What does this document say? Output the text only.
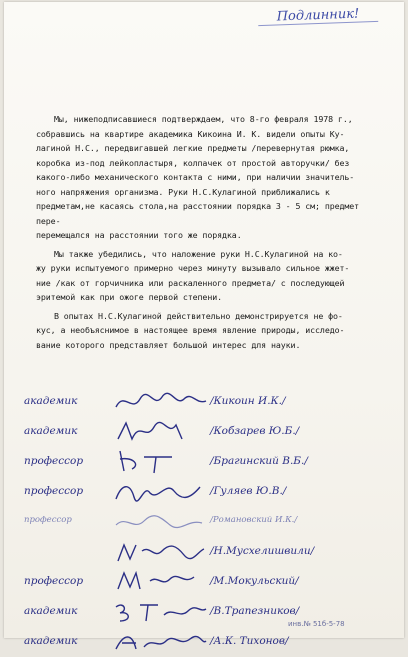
Подлинник!

Мы, нижеподписавшиеся подтверждаем, что 8-го февраля 1978 г.,
собравшись на квартире академика Кикоина И. К. видели опыты Ку-
лагиной Н.С., передвигавшей легкие предметы /перевернутая рюмка,
коробка из-под лейкопластыря, колпачек от простой авторучки/ без
какого-либо механического контакта с ними, при наличии значитель-
ного напряжения организма. Руки Н.С.Кулагиной приближались к
предметам,не касаясь стола,на расстоянии порядка 3 - 5 см; предмет пере-
перемещался на расстоянии того же порядка.

Мы также убедились, что наложение руки Н.С.Кулагиной на ко-
жу руки испытуемого примерно через минуту вызывало сильное жжет-
ние /как от горчичника или раскаленного предмета/ с последующей
эритемой как при ожоге первой степени.

В опытах Н.С.Кулагиной действительно демонстрируется не фо-
кус, а необъяснимое в настоящее время явление природы, исследо-
вание которого представляет большой интерес для науки.

академик	/Кикоин И.К./
академик	/Кобзарев Ю.Б./
профессор	/Брагинский В.Б./
профессор	/Гуляев Ю.В./
профессор	/Романовский И.К./
/Н.Мусхелишвили/
профессор	/М.Мокульский/
академик	/В.Трапезников/
академик	/А.К. Тихонов/
инв.№ 51б-5-78
